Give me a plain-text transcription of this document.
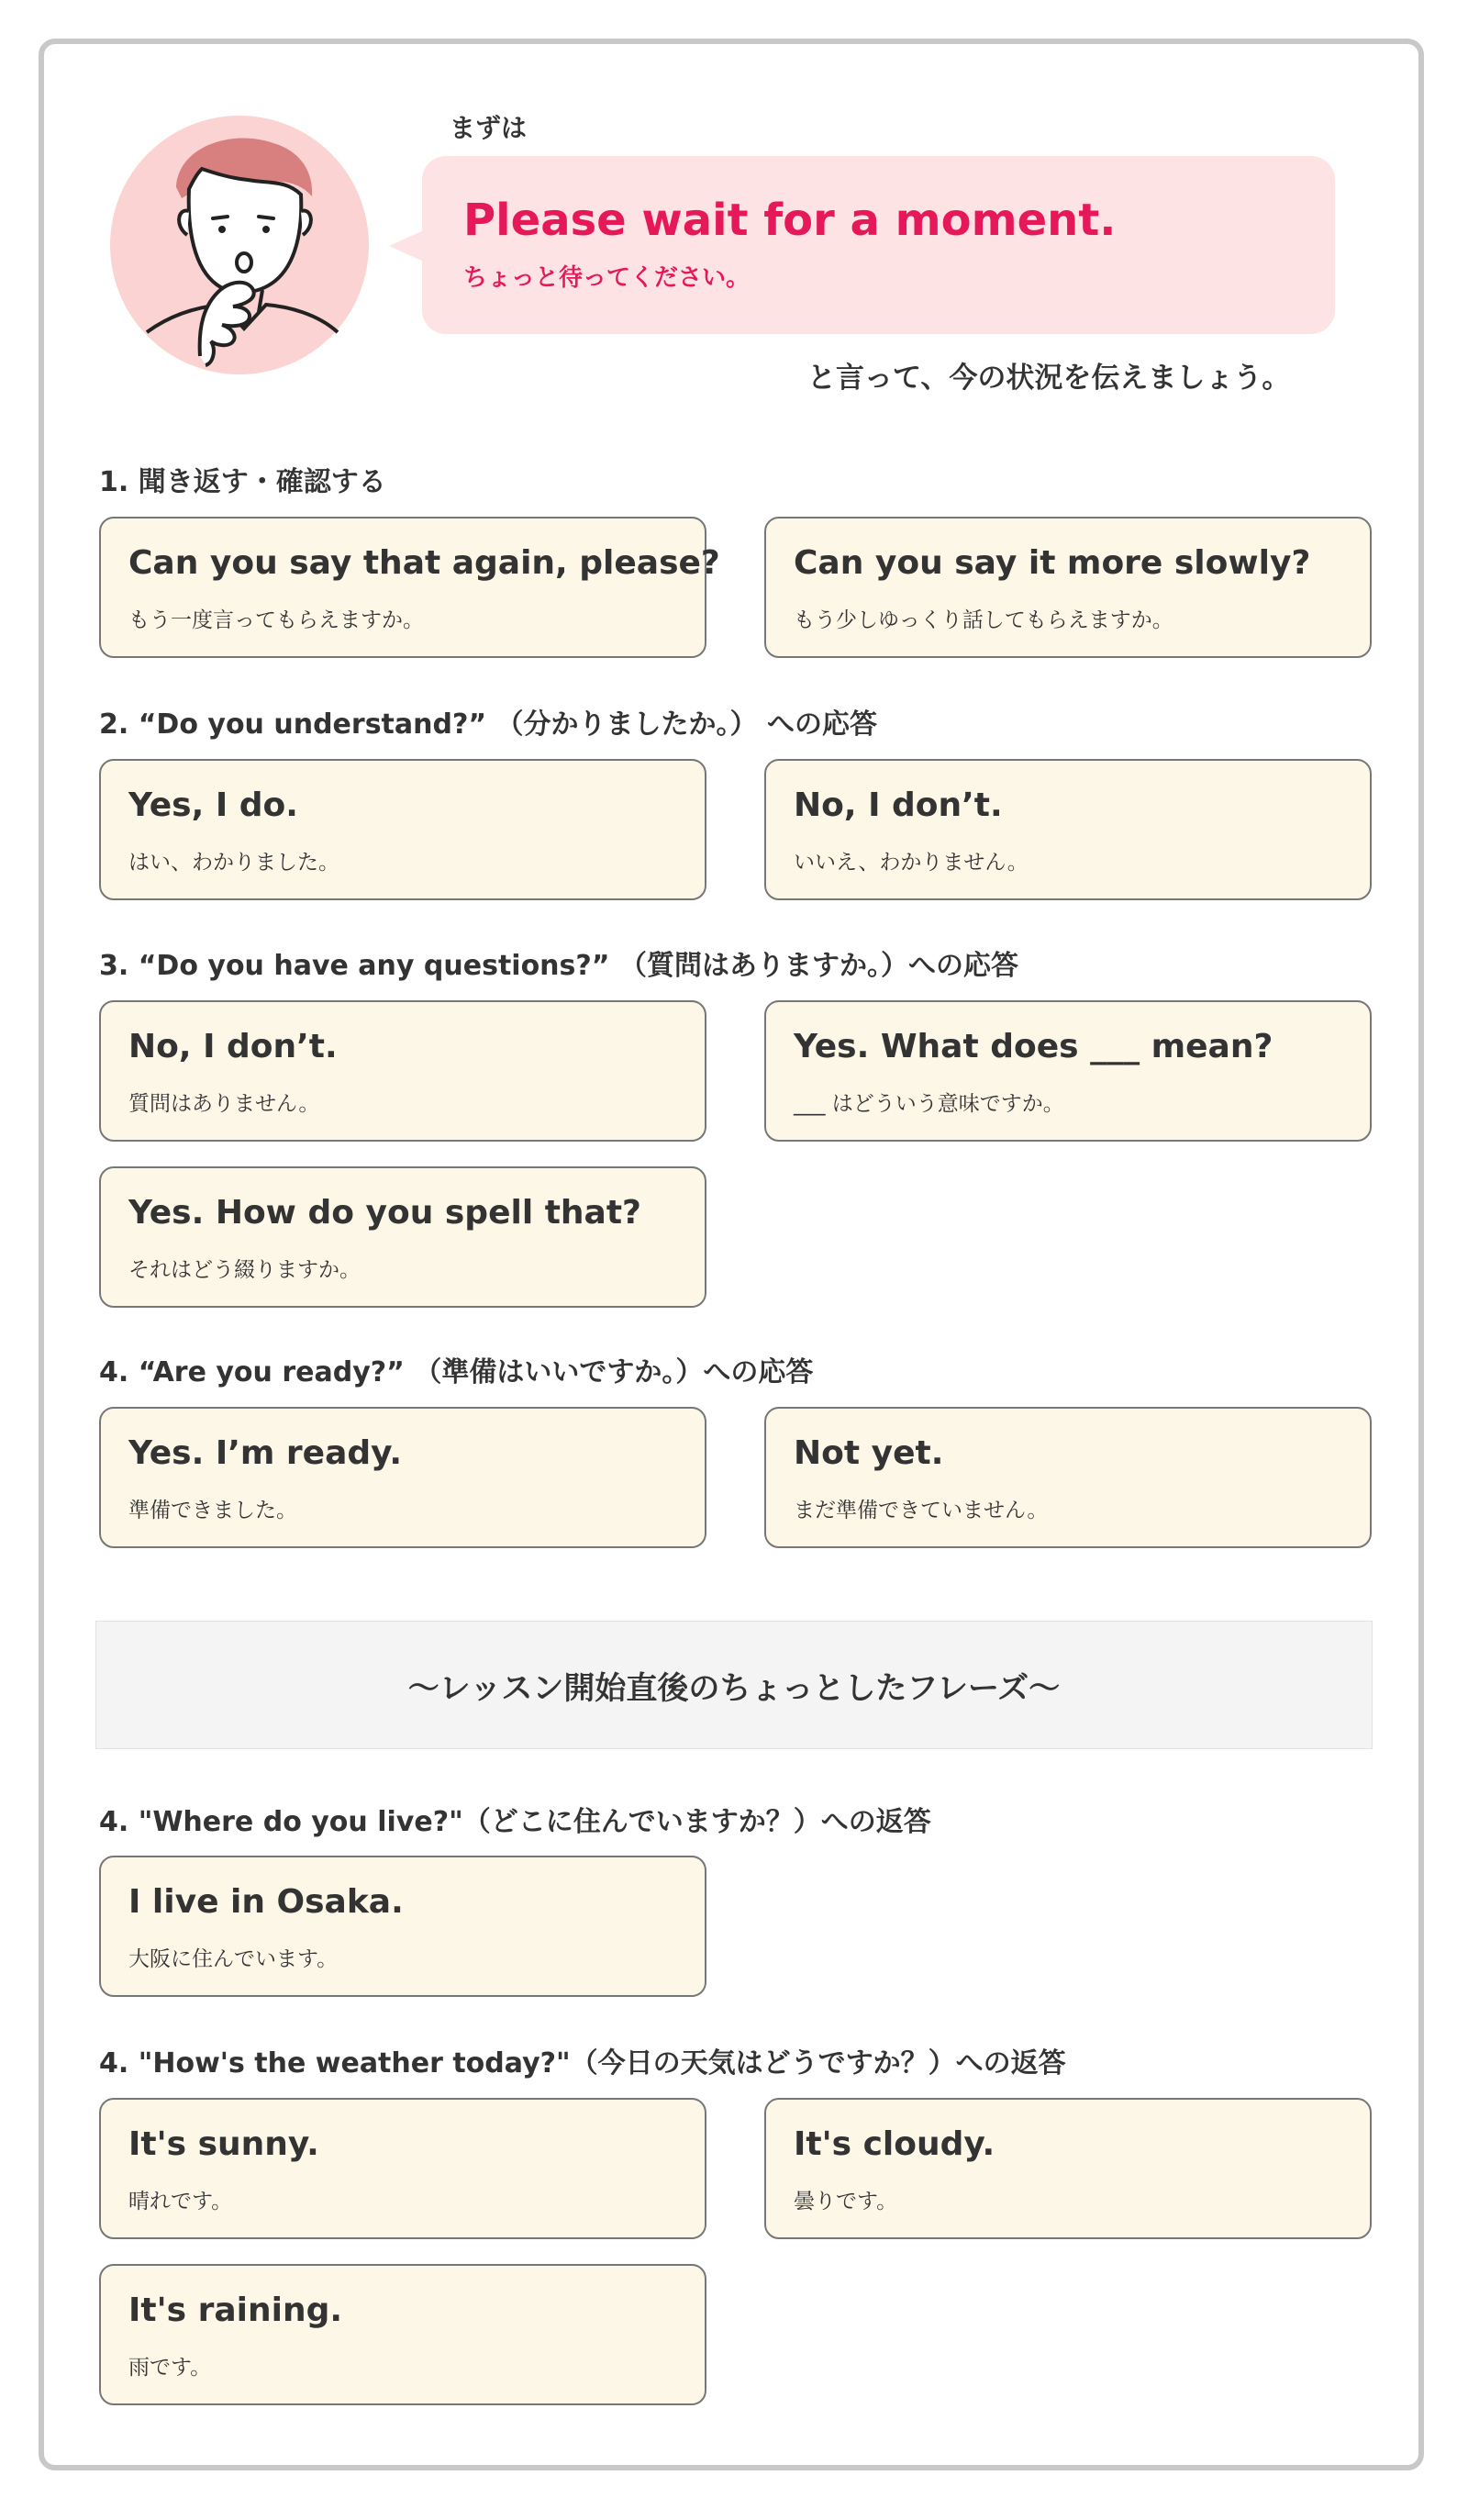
まずは
Please wait for a moment.
ちょっと待ってください。
と言って、今の状況を伝えましょう。
1. 聞き返す・確認する
Can you say that again, please?
もう一度言ってもらえますか。
Can you say it more slowly?
もう少しゆっくり話してもらえますか。
2. “Do you understand?” （分かりましたか。） への応答
Yes, I do.
はい、わかりました。
No, I don’t.
いいえ、わかりません。
3. “Do you have any questions?” （質問はありますか。）への応答
No, I don’t.
質問はありません。
Yes. What does ___ mean?
___ はどういう意味ですか。
Yes. How do you spell that?
それはどう綴りますか。
4. “Are you ready?” （準備はいいですか。）への応答
Yes. I’m ready.
準備できました。
Not yet.
まだ準備できていません。
〜レッスン開始直後のちょっとしたフレーズ〜
4. "Where do you live?"（どこに住んでいますか？）への返答
I live in Osaka.
大阪に住んでいます。
4. "How's the weather today?"（今日の天気はどうですか？）への返答
It's sunny.
晴れです。
It's cloudy.
曇りです。
It's raining.
雨です。
